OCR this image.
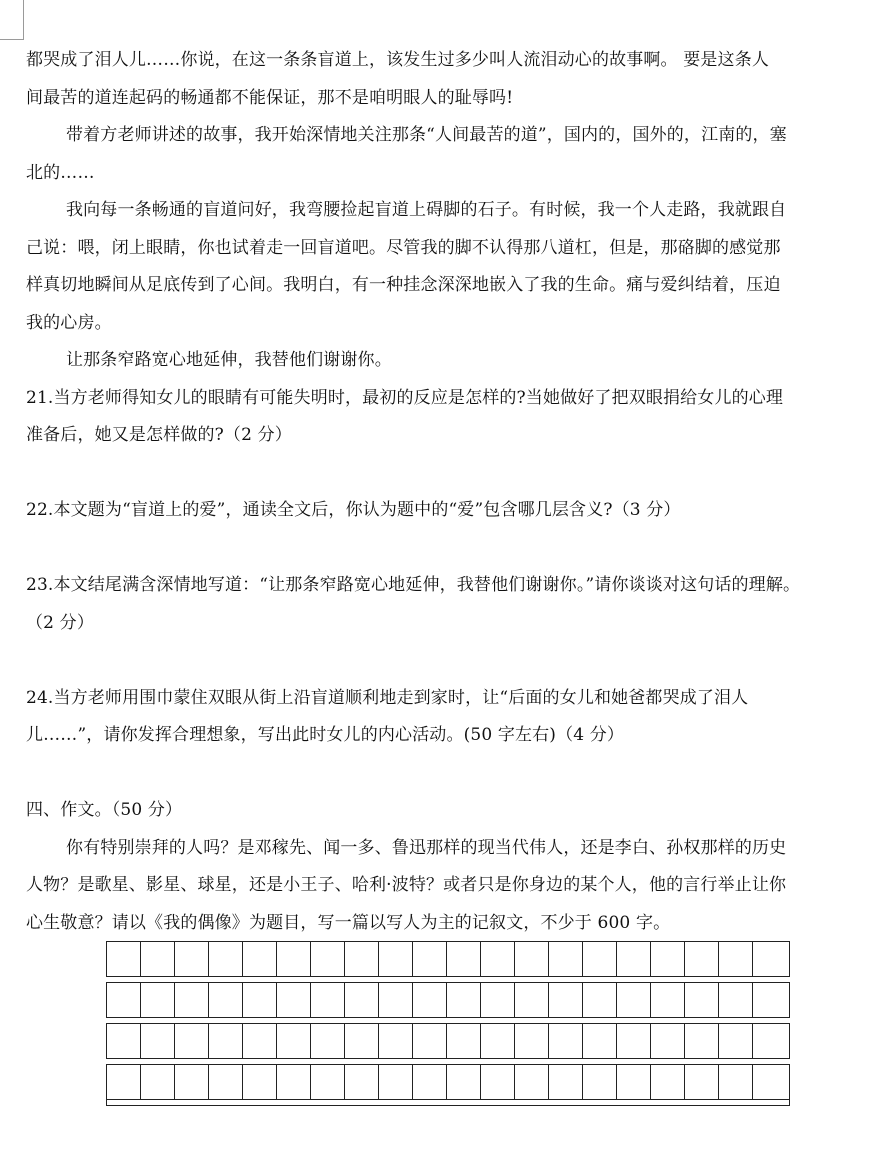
都哭成了泪人儿……你说，在这一条条盲道上，该发生过多少叫人流泪动心的故事啊。 要是这条人
间最苦的道连起码的畅通都不能保证，那不是咱明眼人的耻辱吗!
带着方老师讲述的故事，我开始深情地关注那条“人间最苦的道”，国内的，国外的，江南的，塞
北的……
我向每一条畅通的盲道问好，我弯腰捡起盲道上碍脚的石子。有时候，我一个人走路，我就跟自
己说：喂，闭上眼睛，你也试着走一回盲道吧。尽管我的脚不认得那八道杠，但是，那硌脚的感觉那
样真切地瞬间从足底传到了心间。我明白，有一种挂念深深地嵌入了我的生命。痛与爱纠结着，压迫
我的心房。
让那条窄路宽心地延伸，我替他们谢谢你。
21.当方老师得知女儿的眼睛有可能失明时，最初的反应是怎样的?当她做好了把双眼捐给女儿的心理
准备后，她又是怎样做的?（2 分）
22.本文题为“盲道上的爱”，通读全文后，你认为题中的“爱”包含哪几层含义?（3 分）
23.本文结尾满含深情地写道：“让那条窄路宽心地延伸，我替他们谢谢你。”请你谈谈对这句话的理解。
（2 分）
24.当方老师用围巾蒙住双眼从街上沿盲道顺利地走到家时，让“后面的女儿和她爸都哭成了泪人
儿……”，请你发挥合理想象，写出此时女儿的内心活动。(50 字左右)（4 分）
四、作文。（50 分）
你有特别崇拜的人吗？是邓稼先、闻一多、鲁迅那样的现当代伟人，还是李白、孙权那样的历史
人物？是歌星、影星、球星，还是小王子、哈利·波特？或者只是你身边的某个人，他的言行举止让你
心生敬意？请以《我的偶像》为题目，写一篇以写人为主的记叙文，不少于 600 字。
